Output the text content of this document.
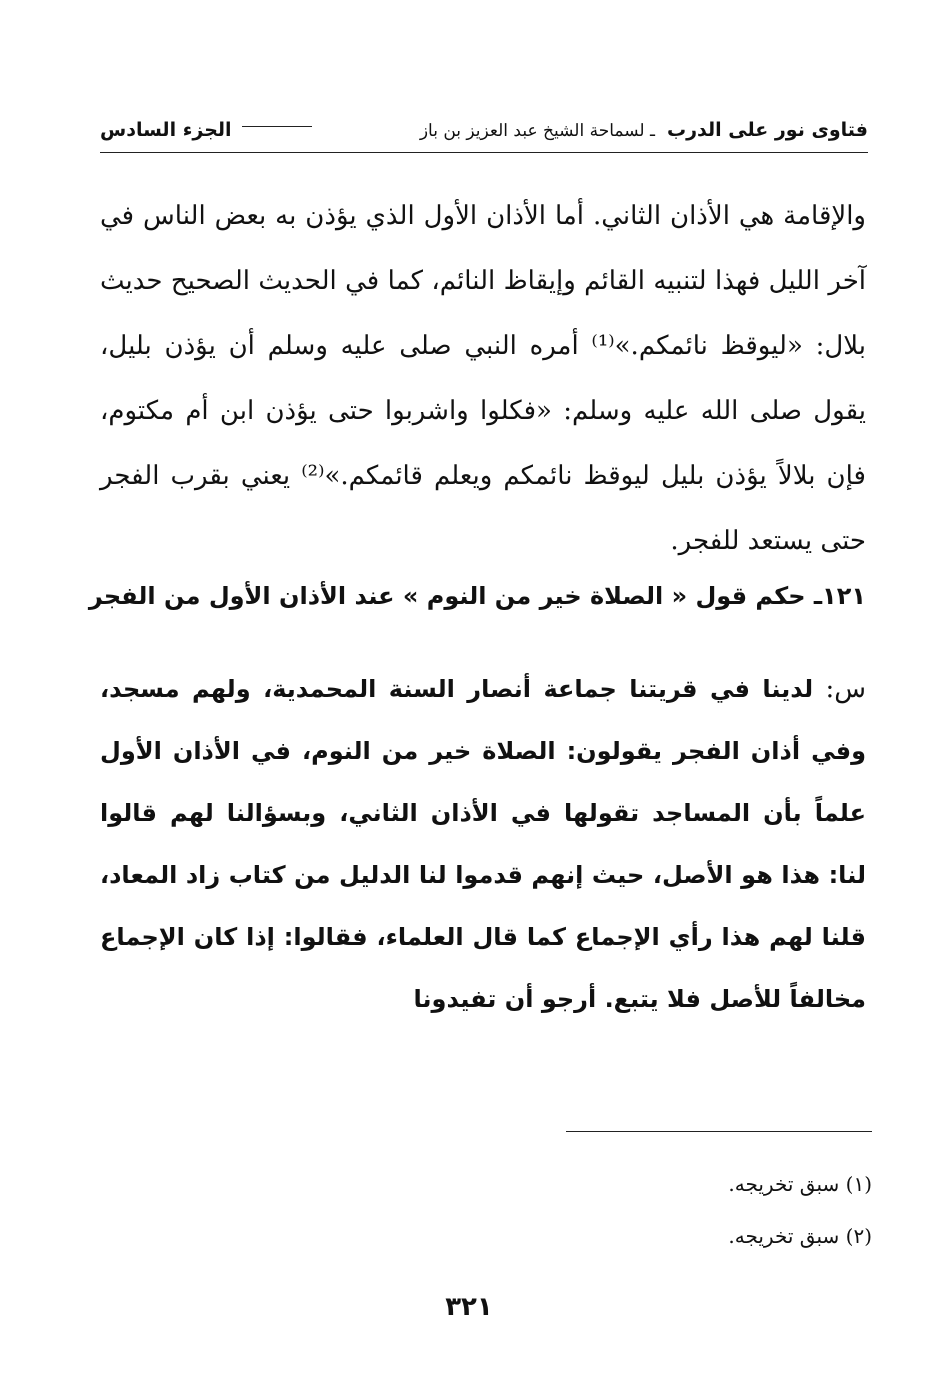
فتاوى نور على الدرب ـ لسماحة الشيخ عبد العزيز بن باز
الجزء السادس

والإقامة هي الأذان الثاني. أما الأذان الأول الذي يؤذن به بعض الناس في آخر الليل فهذا لتنبيه القائم وإيقاظ النائم، كما في الحديث الصحيح حديث بلال: «ليوقظ نائمكم.»⁽¹⁾ أمره النبي صلى عليه وسلم أن يؤذن بليل، يقول صلى الله عليه وسلم: «فكلوا واشربوا حتى يؤذن ابن أم مكتوم، فإن بلالاً يؤذن بليل ليوقظ نائمكم ويعلم قائمكم.»⁽²⁾ يعني بقرب الفجر حتى يستعد للفجر.

١٢١ـ حكم قول « الصلاة خير من النوم » عند الأذان الأول من الفجر
س: لدينا في قريتنا جماعة أنصار السنة المحمدية، ولهم مسجد، وفي أذان الفجر يقولون: الصلاة خير من النوم، في الأذان الأول علماً بأن المساجد تقولها في الأذان الثاني، وبسؤالنا لهم قالوا لنا: هذا هو الأصل، حيث إنهم قدموا لنا الدليل من كتاب زاد المعاد، قلنا لهم هذا رأي الإجماع كما قال العلماء، فقالوا: إذا كان الإجماع مخالفاً للأصل فلا يتبع. أرجو أن تفيدونا
(١) سبق تخريجه.
(٢) سبق تخريجه.
٣٢١
